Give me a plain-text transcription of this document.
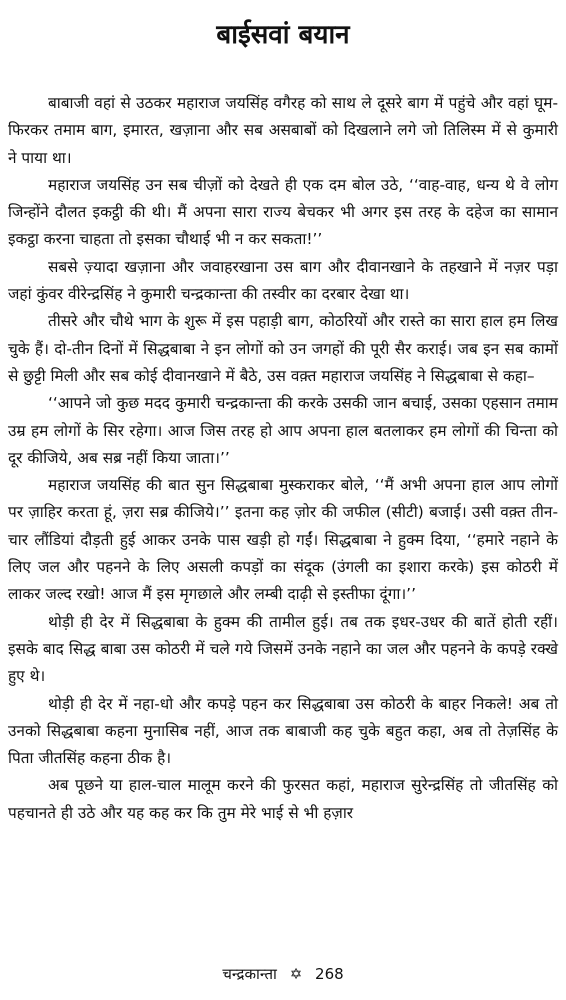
बाईसवां बयान

बाबाजी वहां से उठकर महाराज जयसिंह वगैरह को साथ ले दूसरे बाग में पहुंचे और वहां घूम-फिरकर तमाम बाग, इमारत, खज़ाना और सब असबाबों को दिखलाने लगे जो तिलिस्म में से कुमारी ने पाया था।

महाराज जयसिंह उन सब चीज़ों को देखते ही एक दम बोल उठे, ‘‘वाह-वाह, धन्य थे वे लोग जिन्होंने दौलत इकट्ठी की थी। मैं अपना सारा राज्य बेचकर भी अगर इस तरह के दहेज का सामान इकट्ठा करना चाहता तो इसका चौथाई भी न कर सकता!’’

सबसे ज़्यादा खज़ाना और जवाहरखाना उस बाग और दीवानखाने के तहखाने में नज़र पड़ा जहां कुंवर वीरेन्द्रसिंह ने कुमारी चन्द्रकान्ता की तस्वीर का दरबार देखा था।

तीसरे और चौथे भाग के शुरू में इस पहाड़ी बाग, कोठरियों और रास्ते का सारा हाल हम लिख चुके हैं। दो-तीन दिनों में सिद्धबाबा ने इन लोगों को उन जगहों की पूरी सैर कराई। जब इन सब कामों से छुट्टी मिली और सब कोई दीवानखाने में बैठे, उस वक़्त महाराज जयसिंह ने सिद्धबाबा से कहा–

‘‘आपने जो कुछ मदद कुमारी चन्द्रकान्ता की करके उसकी जान बचाई, उसका एहसान तमाम उम्र हम लोगों के सिर रहेगा। आज जिस तरह हो आप अपना हाल बतलाकर हम लोगों की चिन्ता को दूर कीजिये, अब सब्र नहीं किया जाता।’’

महाराज जयसिंह की बात सुन सिद्धबाबा मुस्कराकर बोले, ‘‘मैं अभी अपना हाल आप लोगों पर ज़ाहिर करता हूं, ज़रा सब्र कीजिये।’’ इतना कह ज़ोर की जफील (सीटी) बजाई। उसी वक़्त तीन-चार लौंडियां दौड़ती हुई आकर उनके पास खड़ी हो गईं। सिद्धबाबा ने हुक्म दिया, ‘‘हमारे नहाने के लिए जल और पहनने के लिए असली कपड़ों का संदूक (उंगली का इशारा करके) इस कोठरी में लाकर जल्द रखो! आज मैं इस मृगछाले और लम्बी दाढ़ी से इस्तीफा दूंगा।’’

थोड़ी ही देर में सिद्धबाबा के हुक्म की तामील हुई। तब तक इधर-उधर की बातें होती रहीं। इसके बाद सिद्ध बाबा उस कोठरी में चले गये जिसमें उनके नहाने का जल और पहनने के कपड़े रक्खे हुए थे।

थोड़ी ही देर में नहा-धो और कपड़े पहन कर सिद्धबाबा उस कोठरी के बाहर निकले! अब तो उनको सिद्धबाबा कहना मुनासिब नहीं, आज तक बाबाजी कह चुके बहुत कहा, अब तो तेज़सिंह के पिता जीतसिंह कहना ठीक है।

अब पूछने या हाल-चाल मालूम करने की फुरसत कहां, महाराज सुरेन्द्रसिंह तो जीतसिंह को पहचानते ही उठे और यह कह कर कि तुम मेरे भाई से भी हज़ार

चन्द्रकान्ता ✡ 268
